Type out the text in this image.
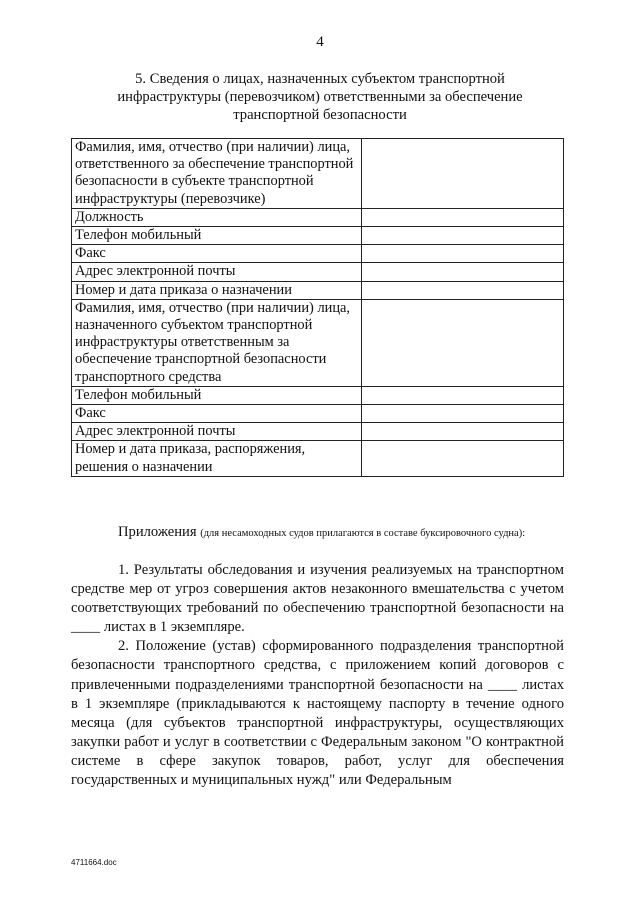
4
5. Сведения о лицах, назначенных субъектом транспортной инфраструктуры (перевозчиком) ответственными за обеспечение транспортной безопасности
Фамилия, имя, отчество (при наличии) лица, ответственного за обеспечение транспортной безопасности в субъекте транспортной инфраструктуры (перевозчике)	
Должность	
Телефон мобильный	
Факс	
Адрес электронной почты	
Номер и дата приказа о назначении	
Фамилия, имя, отчество (при наличии) лица, назначенного субъектом транспортной инфраструктуры ответственным за обеспечение транспортной безопасности транспортного средства	
Телефон мобильный	
Факс	
Адрес электронной почты	
Номер и дата приказа, распоряжения, решения о назначении	
Приложения (для несамоходных судов прилагаются в составе буксировочного судна):

1. Результаты обследования и изучения реализуемых на транспортном средстве мер от угроз совершения актов незаконного вмешательства с учетом соответствующих требований по обеспечению транспортной безопасности на ____ листах в 1 экземпляре.

2. Положение (устав) сформированного подразделения транспортной безопасности транспортного средства, с приложением копий договоров с привлеченными подразделениями транспортной безопасности на ____ листах в 1 экземпляре (прикладываются к настоящему паспорту в течение одного месяца (для субъектов транспортной инфраструктуры, осуществляющих закупки работ и услуг в соответствии с Федеральным законом "О контрактной системе в сфере закупок товаров, работ, услуг для обеспечения государственных и муниципальных нужд" или Федеральным

4711664.doc
